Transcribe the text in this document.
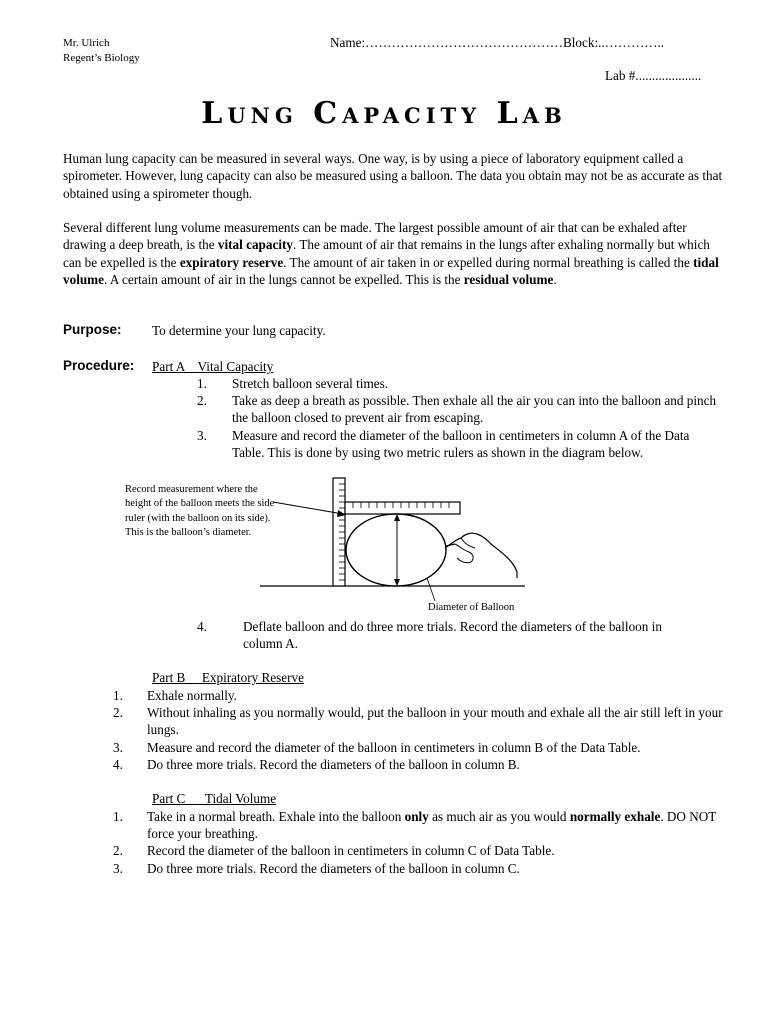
Mr. Ulrich
Regent’s Biology
Name:………………………………………Block:..…………..
Lab #....................
Lung Capacity Lab
Human lung capacity can be measured in several ways. One way, is by using a piece of laboratory equipment called a spirometer. However, lung capacity can also be measured using a balloon. The data you obtain may not be as accurate as that obtained using a spirometer though.
Several different lung volume measurements can be made. The largest possible amount of air that can be exhaled after drawing a deep breath, is the vital capacity. The amount of air that remains in the lungs after exhaling normally but which can be expelled is the expiratory reserve. The amount of air taken in or expelled during normal breathing is called the tidal volume. A certain amount of air in the lungs cannot be expelled. This is the residual volume.
Purpose: To determine your lung capacity.
Procedure: Part A    Vital Capacity
1. Stretch balloon several times.
2. Take as deep a breath as possible. Then exhale all the air you can into the balloon and pinch the balloon closed to prevent air from escaping.
3. Measure and record the diameter of the balloon in centimeters in column A of the Data Table. This is done by using two metric rulers as shown in the diagram below.
Record measurement where the height of the balloon meets the side ruler (with the balloon on its side). This is the balloon’s diameter.
Diameter of Balloon
4.	Deflate balloon and do three more trials. Record the diameters of the balloon in column A.
Part B     Expiratory Reserve
1. Exhale normally.
2. Without inhaling as you normally would, put the balloon in your mouth and exhale all the air still left in your lungs.
3. Measure and record the diameter of the balloon in centimeters in column B of the Data Table.
4. Do three more trials. Record the diameters of the balloon in column B.
Part C      Tidal Volume
1. Take in a normal breath. Exhale into the balloon only as much air as you would normally exhale. DO NOT force your breathing.
2. Record the diameter of the balloon in centimeters in column C of Data Table.
3. Do three more trials. Record the diameters of the balloon in column C.
